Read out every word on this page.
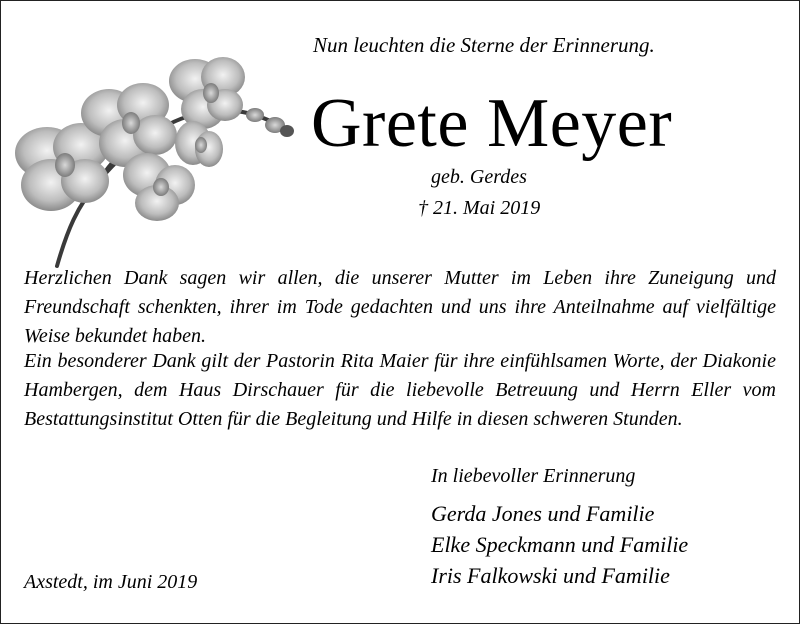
Nun leuchten die Sterne der Erinnerung.
Grete Meyer
geb. Gerdes
† 21. Mai 2019

Herzlichen Dank sagen wir allen, die unserer Mutter im Leben ihre Zuneigung und Freundschaft schenkten, ihrer im Tode gedachten und uns ihre Anteilnahme auf vielfältige Weise bekundet haben.

Ein besonderer Dank gilt der Pastorin Rita Maier für ihre einfühlsamen Worte, der Diakonie Hambergen, dem Haus Dirschauer für die liebevolle Betreuung und Herrn Eller vom Bestattungsinstitut Otten für die Begleitung und Hilfe in diesen schweren Stunden.

In liebevoller Erinnerung
Gerda Jones und Familie
Elke Speckmann und Familie
Iris Falkowski und Familie
Axstedt, im Juni 2019
